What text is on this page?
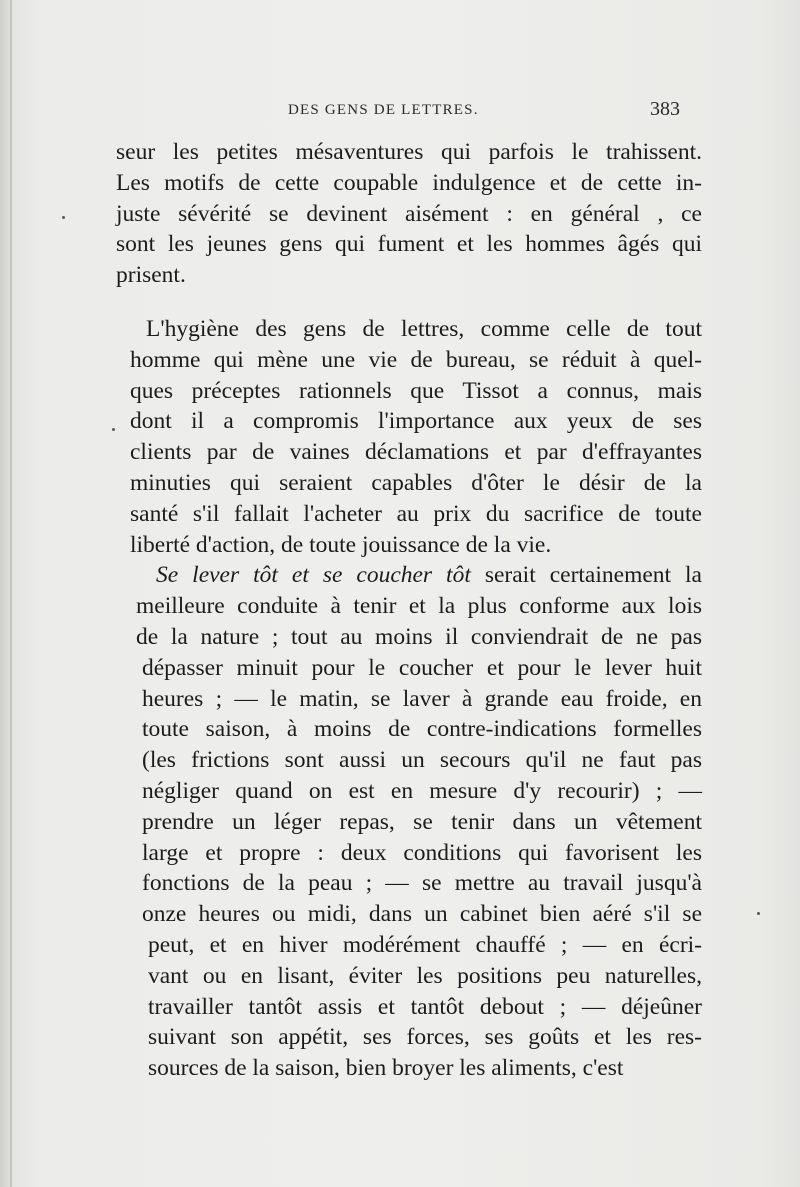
DES GENS DE LETTRES.	383
seur les petites mésaventures qui parfois le trahissent.
Les motifs de cette coupable indulgence et de cette in-
juste sévérité se devinent aisément : en général , ce
sont les jeunes gens qui fument et les hommes âgés qui
prisent.
L'hygiène des gens de lettres, comme celle de tout
homme qui mène une vie de bureau, se réduit à quel-
ques préceptes rationnels que Tissot a connus, mais
dont il a compromis l'importance aux yeux de ses
clients par de vaines déclamations et par d'effrayantes
minuties qui seraient capables d'ôter le désir de la
santé s'il fallait l'acheter au prix du sacrifice de toute
liberté d'action, de toute jouissance de la vie.
Se lever tôt et se coucher tôt serait certainement la
meilleure conduite à tenir et la plus conforme aux lois
de la nature ; tout au moins il conviendrait de ne pas
dépasser minuit pour le coucher et pour le lever huit
heures ; — le matin, se laver à grande eau froide, en
toute saison, à moins de contre-indications formelles
(les frictions sont aussi un secours qu'il ne faut pas
négliger quand on est en mesure d'y recourir) ; —
prendre un léger repas, se tenir dans un vêtement
large et propre : deux conditions qui favorisent les
fonctions de la peau ; — se mettre au travail jusqu'à
onze heures ou midi, dans un cabinet bien aéré s'il se
peut, et en hiver modérément chauffé ; — en écri-
vant ou en lisant, éviter les positions peu naturelles,
travailler tantôt assis et tantôt debout ; — déjeûner
suivant son appétit, ses forces, ses goûts et les res-
sources de la saison, bien broyer les aliments, c'est
